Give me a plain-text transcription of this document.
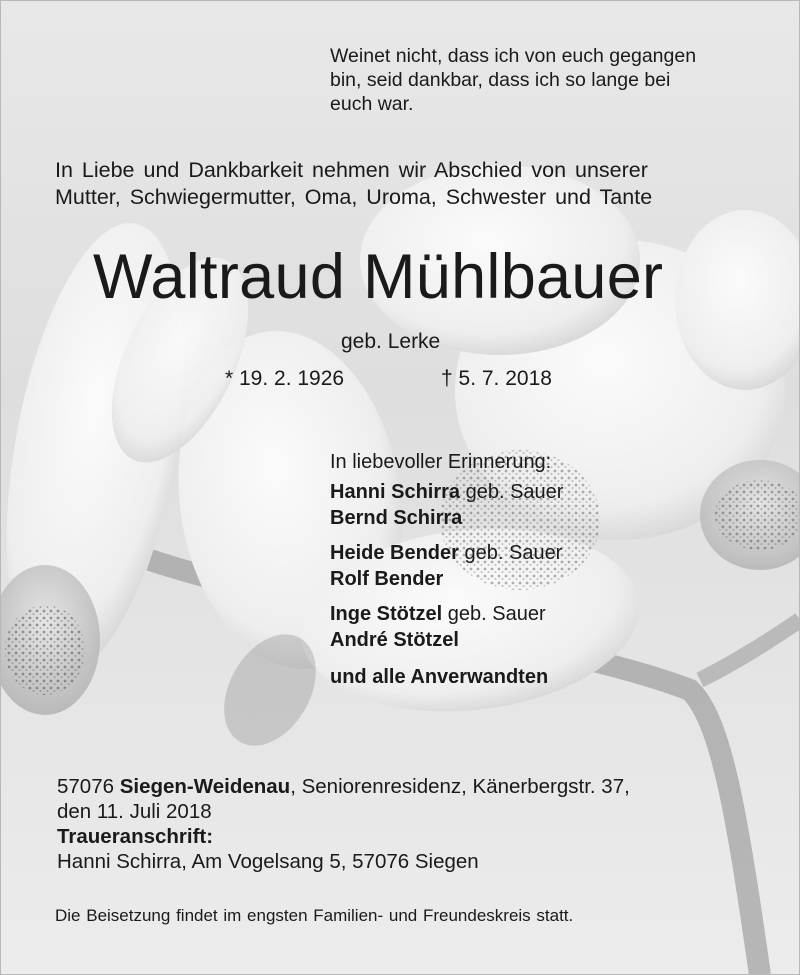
Weinet nicht, dass ich von euch gegangen
bin, seid dankbar, dass ich so lange bei
euch war.
In Liebe und Dankbarkeit nehmen wir Abschied von unserer
Mutter, Schwiegermutter, Oma, Uroma, Schwester und Tante
Waltraud Mühlbauer
geb. Lerke
* 19. 2. 1926	† 5. 7. 2018
In liebevoller Erinnerung:
Hanni Schirra geb. Sauer
Bernd Schirra
Heide Bender geb. Sauer
Rolf Bender
Inge Stötzel geb. Sauer
André Stötzel
und alle Anverwandten
57076 Siegen-Weidenau, Seniorenresidenz, Känerbergstr. 37,
den 11. Juli 2018
Traueranschrift:
Hanni Schirra, Am Vogelsang 5, 57076 Siegen
Die Beisetzung findet im engsten Familien- und Freundeskreis statt.
